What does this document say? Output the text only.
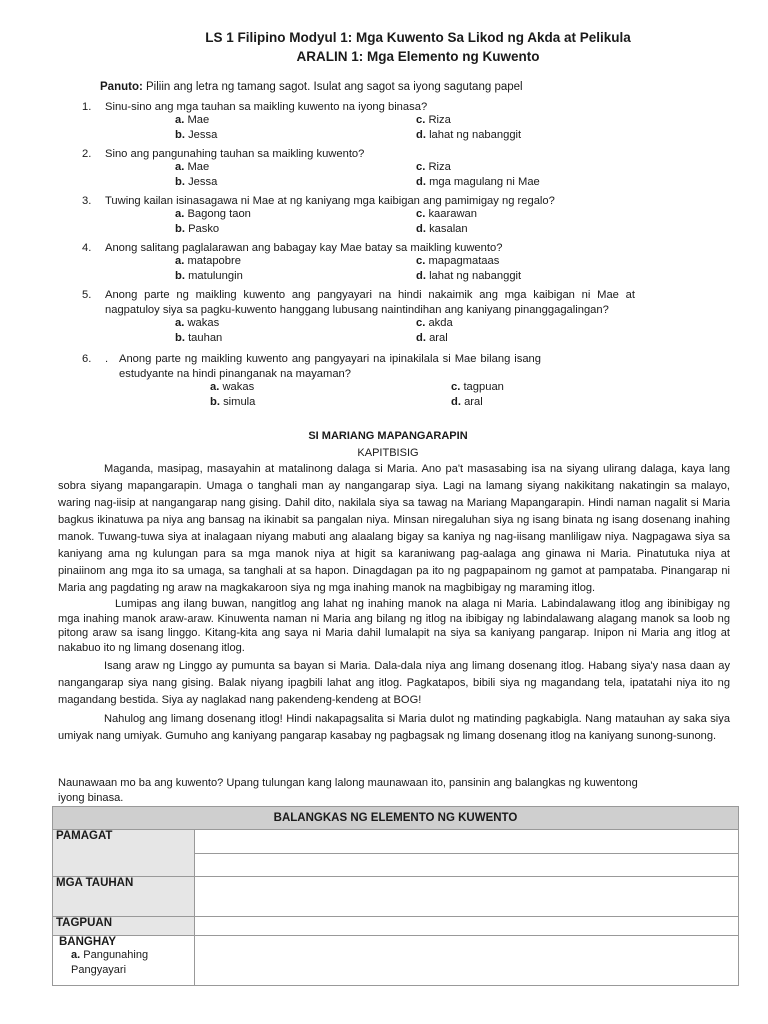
LS 1 Filipino Modyul 1: Mga Kuwento Sa Likod ng Akda at Pelikula
ARALIN 1: Mga Elemento ng Kuwento
Panuto: Piliin ang letra ng tamang sagot. Isulat ang sagot sa iyong sagutang papel
1. Sinu-sino ang mga tauhan sa maikling kuwento na iyong binasa?
a. Mae	c. Riza
b. Jessa	d. lahat ng nabanggit
2. Sino ang pangunahing tauhan sa maikling kuwento?
a. Mae	c. Riza
b. Jessa	d. mga magulang ni Mae
3. Tuwing kailan isinasagawa ni Mae at ng kaniyang mga kaibigan ang pamimigay ng regalo?
a. Bagong taon	c. kaarawan
b. Pasko	d. kasalan
4. Anong salitang paglalarawan ang babagay kay Mae batay sa maikling kuwento?
a. matapobre	c. mapagmataas
b. matulungin	d. lahat ng nabanggit
5. Anong parte ng maikling kuwento ang pangyayari na hindi nakaimik ang mga kaibigan ni Mae at nagpatuloy siya sa pagku-kuwento hanggang lubusang naintindihan ang kaniyang pinanggagalingan?
a. wakas	c. akda
b. tauhan	d. aral
6. . Anong parte ng maikling kuwento ang pangyayari na ipinakilala si Mae bilang isang estudyante na hindi pinanganak na mayaman?
a. wakas	c. tagpuan
b. simula	d. aral
SI MARIANG MAPANGARAPIN
KAPITBISIG

Maganda, masipag, masayahin at matalinong dalaga si Maria. Ano pa't masasabing isa na siyang ulirang dalaga, kaya lang sobra siyang mapangarapin. Umaga o tanghali man ay nangangarap siya. Lagi na lamang siyang nakikitang nakatingin sa malayo, waring nag-iisip at nangangarap nang gising. Dahil dito, nakilala siya sa tawag na Mariang Mapangarapin. Hindi naman nagalit si Maria bagkus ikinatuwa pa niya ang bansag na ikinabit sa pangalan niya. Minsan niregaluhan siya ng isang binata ng isang dosenang inahing manok. Tuwang-tuwa siya at inalagaan niyang mabuti ang alaalang bigay sa kaniya ng nag-iisang manliligaw niya. Nagpagawa siya sa kaniyang ama ng kulungan para sa mga manok niya at higit sa karaniwang pag-aalaga ang ginawa ni Maria. Pinatutuka niya at pinaiinom ang mga ito sa umaga, sa tanghali at sa hapon. Dinagdagan pa ito ng pagpapainom ng gamot at pampataba. Pinangarap ni Maria ang pagdating ng araw na magkakaroon siya ng mga inahing manok na magbibigay ng maraming itlog.

Lumipas ang ilang buwan, nangitlog ang lahat ng inahing manok na alaga ni Maria. Labindalawang itlog ang ibinibigay ng mga inahing manok araw-araw. Kinuwenta naman ni Maria ang bilang ng itlog na ibibigay ng labindalawang alagang manok sa loob ng pitong araw sa isang linggo. Kitang-kita ang saya ni Maria dahil lumalapit na siya sa kaniyang pangarap. Inipon ni Maria ang itlog at nakabuo ito ng limang dosenang itlog.

Isang araw ng Linggo ay pumunta sa bayan si Maria. Dala-dala niya ang limang dosenang itlog. Habang siya'y nasa daan ay nangangarap siya nang gising. Balak niyang ipagbili lahat ang itlog. Pagkatapos, bibili siya ng magandang tela, ipatatahi niya ito ng magandang bestida. Siya ay naglakad nang pakendeng-kendeng at BOG!

Nahulog ang limang dosenang itlog! Hindi nakapagsalita si Maria dulot ng matinding pagkabigla. Nang matauhan ay saka siya umiyak nang umiyak. Gumuho ang kaniyang pangarap kasabay ng pagbagsak ng limang dosenang itlog na kaniyang sunong-sunong.

Naunawaan mo ba ang kuwento? Upang tulungan kang lalong maunawaan ito, pansinin ang balangkas ng kuwentong iyong binasa.
BALANGKAS NG ELEMENTO NG KUWENTO	
PAMAGAT	

MGA TAUHAN	
TAGPUAN	

BANGHAY
a. Pangunahing Pangyayari	
